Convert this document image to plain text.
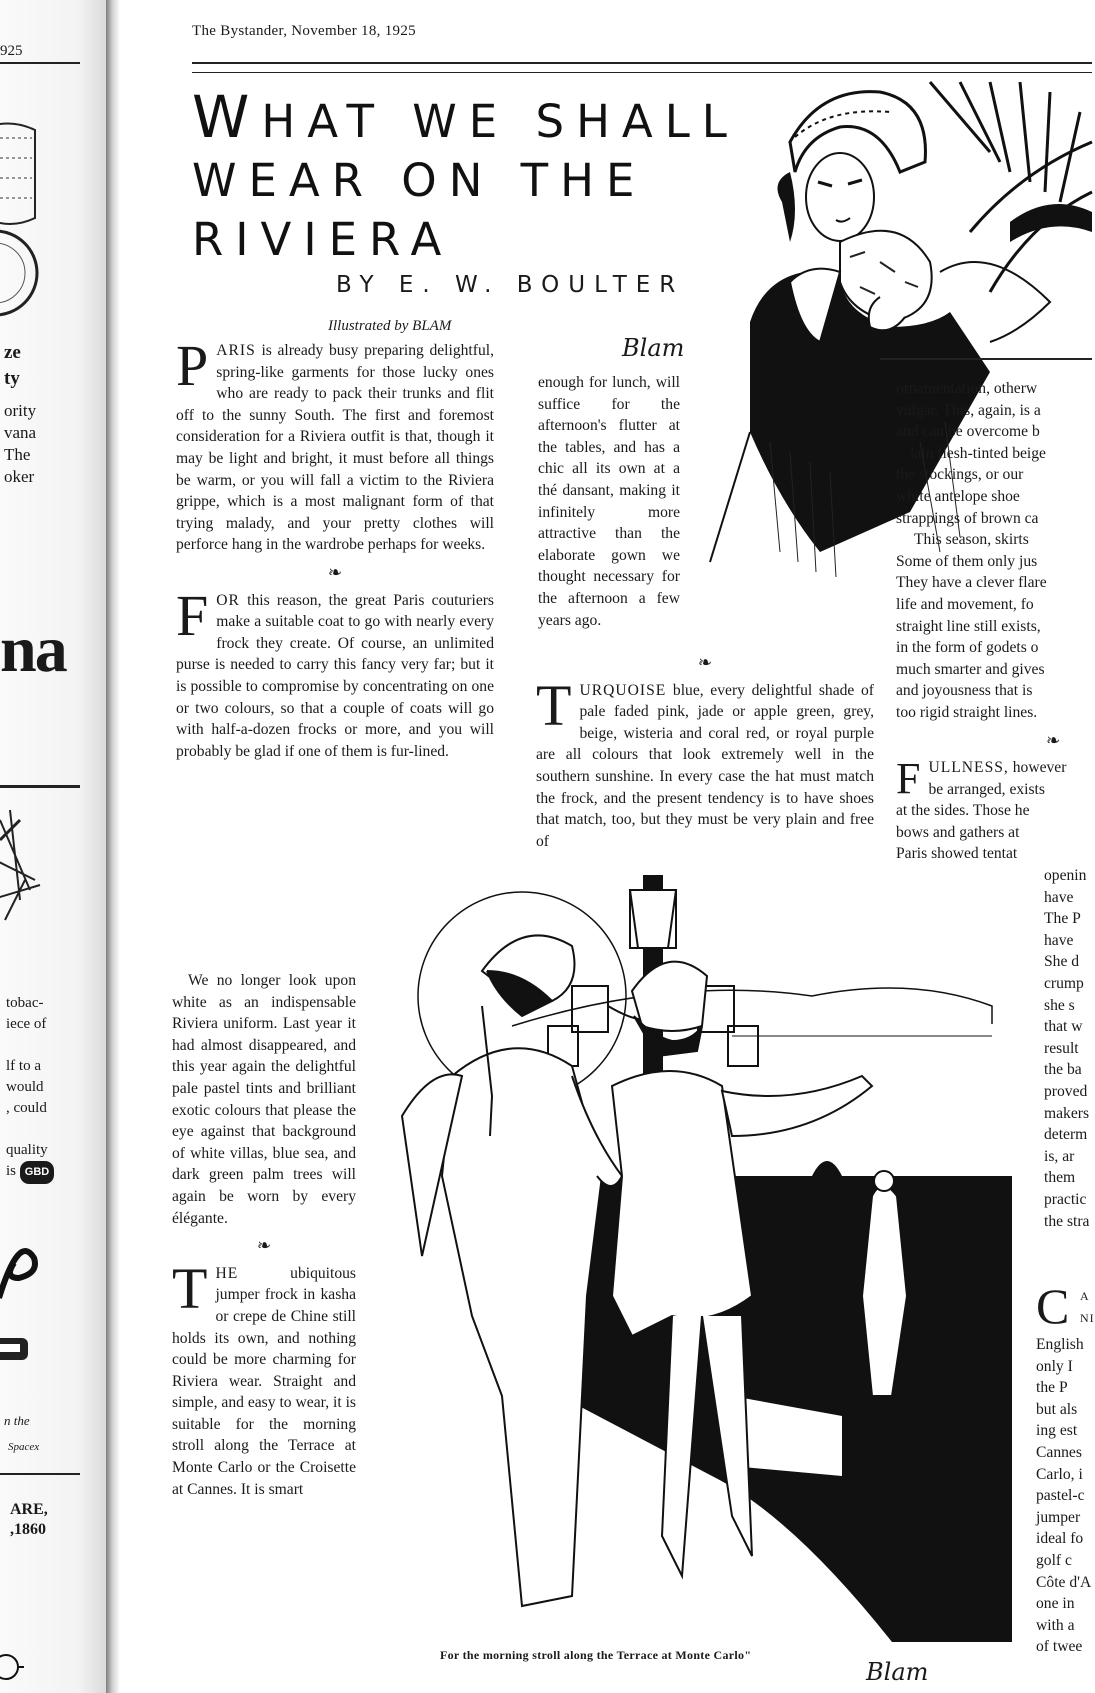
925
ze
ty
ority
vana
The
oker
na
tobac-
iece of

lf to a
would
, could

quality
is GBD
n the
Spacex
ARE,
,1860
The Bystander, November 18, 1925
WHAT WE SHALL
WEAR ON THE
RIVIERA
BY E. W. BOULTER
Illustrated by BLAM
Blam

PARIS is already busy preparing delightful, spring-like garments for those lucky ones who are ready to pack their trunks and flit off to the sunny South. The first and foremost consideration for a Riviera outfit is that, though it may be light and bright, it must before all things be warm, or you will fall a victim to the Riviera grippe, which is a most malignant form of that trying malady, and your pretty clothes will perforce hang in the wardrobe perhaps for weeks.

❧

FOR this reason, the great Paris couturiers make a suitable coat to go with nearly every frock they create. Of course, an unlimited purse is needed to carry this fancy very far; but it is possible to compromise by concentrating on one or two colours, so that a couple of coats will go with half-a-dozen frocks or more, and you will probably be glad if one of them is fur-lined.

We no longer look upon white as an indispensable Riviera uniform. Last year it had almost disappeared, and this year again the delightful pale pastel tints and brilliant exotic colours that please the eye against that background of white villas, blue sea, and dark green palm trees will again be worn by every élégante.

❧

THE	ubiquitous jumper frock in kasha or crepe de Chine still holds its own, and nothing could be more charming for Riviera wear. Straight and simple, and easy to wear, it is suitable for the morning stroll along the Terrace at Monte Carlo or the Croisette at Cannes. It is smart

enough for lunch, will suffice for the afternoon's flutter at the tables, and has a chic all its own at a thé dansant, making it infinitely more attractive than the elaborate gown we thought necessary for the afternoon a few years ago.

❧

TURQUOISE blue, every delightful shade of pale faded pink, jade or apple green, grey, beige, wisteria and coral red, or royal purple are all colours that look extremely well in the southern sunshine. In every case the hat must match the frock, and the present tendency is to have shoes that match, too, but they must be very plain and free of

ornamentation, otherw
vulgar. This, again, is a
and can be overcome b
lain flesh-tinted beige
the stockings, or our
white antelope shoe
strappings of brown ca
This season, skirts
Some of them only jus
They have a clever flare
life and movement, fo
straight line still exists,
in the form of godets o
much smarter and gives
and joyousness that is
too rigid straight lines.
❧
FULLNESS, however
be arranged, exists
at the sides. Those he
bows and gathers at
Paris showed tentat
openin
have
The P
have
She d
crump
she s
that w
result
the ba
proved
makers
determ
is, ar
them
practic
the stra
C A
NI
English
only I
the P
but als
ing est
Cannes
Carlo, i
pastel-c
jumper
ideal fo
golf c
Côte d'A
one in
with a
of twee
For the morning stroll along the Terrace at Monte Carlo"
Blam
